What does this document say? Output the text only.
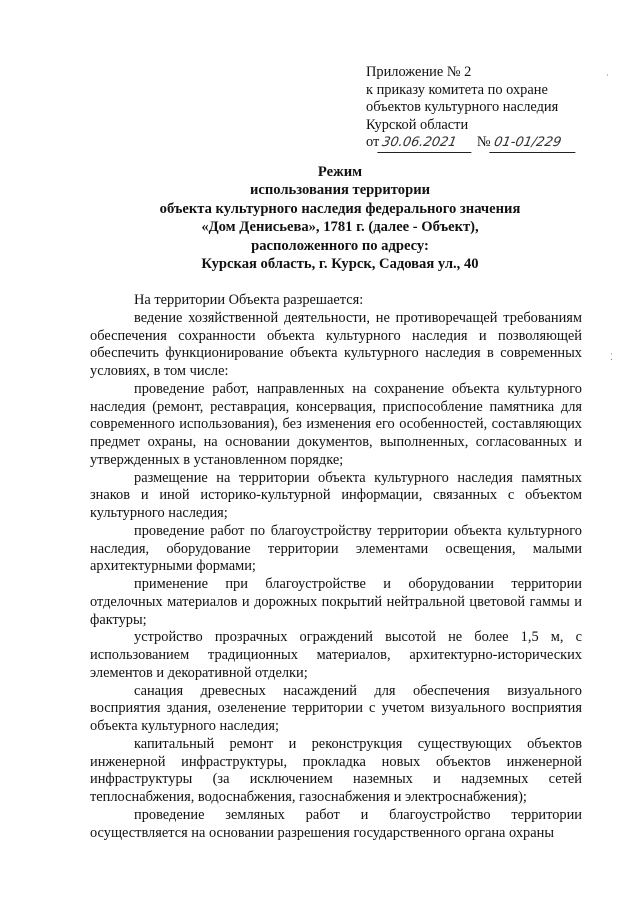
Приложение № 2
к приказу комитета по охране
объектов культурного наследия
Курской области
от 30.06.2021 № 01-01/229
Режим
использования территории
объекта культурного наследия федерального значения
«Дом Денисьева», 1781 г. (далее - Объект),
расположенного по адресу:
Курская область, г. Курск, Садовая ул., 40

На территории Объекта разрешается:

ведение хозяйственной деятельности, не противоречащей требованиям обеспечения сохранности объекта культурного наследия и позволяющей обеспечить функционирование объекта культурного наследия в современных условиях, в том числе:

проведение работ, направленных на сохранение объекта культурного наследия (ремонт, реставрация, консервация, приспособление памятника для современного использования), без изменения его особенностей, составляющих предмет охраны, на основании документов, выполненных, согласованных и утвержденных в установленном порядке;

размещение на территории объекта культурного наследия памятных знаков и иной историко-культурной информации, связанных с объектом культурного наследия;

проведение работ по благоустройству территории объекта культурного наследия, оборудование территории элементами освещения, малыми архитектурными формами;

применение при благоустройстве и оборудовании территории отделочных материалов и дорожных покрытий нейтральной цветовой гаммы и фактуры;

устройство прозрачных ограждений высотой не более 1,5 м, с использованием традиционных материалов, архитектурно-исторических элементов и декоративной отделки;

санация древесных насаждений для обеспечения визуального восприятия здания, озеленение территории с учетом визуального восприятия объекта культурного наследия;

капитальный ремонт и реконструкция существующих объектов инженерной инфраструктуры, прокладка новых объектов инженерной инфраструктуры (за исключением наземных и надземных сетей теплоснабжения, водоснабжения, газоснабжения и электроснабжения);

проведение земляных работ и благоустройство территории осуществляется на основании разрешения государственного органа охраны

·
⁚
